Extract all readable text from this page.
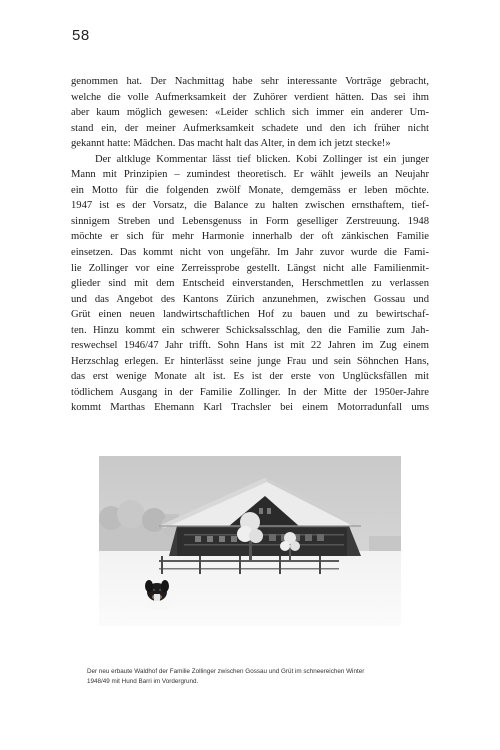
58
genommen hat. Der Nachmittag habe sehr interessante Vorträge gebracht,
welche die volle Aufmerksamkeit der Zuhörer verdient hätten. Das sei ihm
aber kaum möglich gewesen: «Leider schlich sich immer ein anderer Um-
stand ein, der meiner Aufmerksamkeit schadete und den ich früher nicht
gekannt hatte: Mädchen. Das macht halt das Alter, in dem ich jetzt stecke!»
Der altkluge Kommentar lässt tief blicken. Kobi Zollinger ist ein junger
Mann mit Prinzipien – zumindest theoretisch. Er wählt jeweils an Neujahr
ein Motto für die folgenden zwölf Monate, demgemäss er leben möchte.
1947 ist es der Vorsatz, die Balance zu halten zwischen ernsthaftem, tief-
sinnigem Streben und Lebensgenuss in Form geselliger Zerstreuung. 1948
möchte er sich für mehr Harmonie innerhalb der oft zänkischen Familie
einsetzen. Das kommt nicht von ungefähr. Im Jahr zuvor wurde die Fami-
lie Zollinger vor eine Zerreissprobe gestellt. Längst nicht alle Familienmit-
glieder sind mit dem Entscheid einverstanden, Herschmettlen zu verlassen
und das Angebot des Kantons Zürich anzunehmen, zwischen Gossau und
Grüt einen neuen landwirtschaftlichen Hof zu bauen und zu bewirtschaf-
ten. Hinzu kommt ein schwerer Schicksalsschlag, den die Familie zum Jah-
reswechsel 1946/47 Jahr trifft. Sohn Hans ist mit 22 Jahren im Zug einem
Herzschlag erlegen. Er hinterlässt seine junge Frau und sein Söhnchen Hans,
das erst wenige Monate alt ist. Es ist der erste von Unglücksfällen mit
tödlichem Ausgang in der Familie Zollinger. In der Mitte der 1950er-Jahre
kommt Marthas Ehemann Karl Trachsler bei einem Motorradunfall ums
Der neu erbaute Waldhof der Familie Zollinger zwischen Gossau und Grüt im schneereichen Winter
1948/49 mit Hund Barri im Vordergrund.
